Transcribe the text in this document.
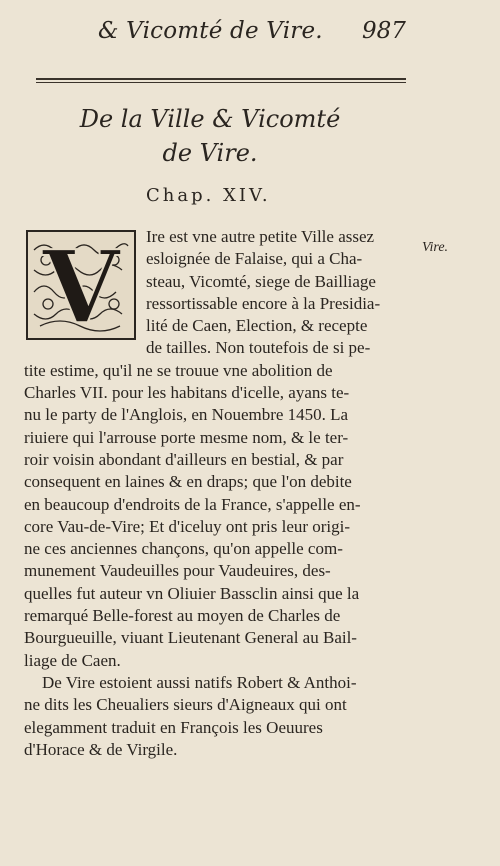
& Vicomté de Vire.	987
De la Ville & Vicomté
de Vire.
Chap. XIV.
V	Vire.
Ire est vne autre petite Ville assez
esloignée de Falaise, qui a Cha-
steau, Vicomté, siege de Bailliage
ressortissable encore à la Presidia-
lité de Caen, Election, & recepte
de tailles. Non toutefois de si pe-
tite estime, qu'il ne se trouue vne abolition de
Charles VII. pour les habitans d'icelle, ayans te-
nu le party de l'Anglois, en Nouembre 1450. La
riuiere qui l'arrouse porte mesme nom, & le ter-
roir voisin abondant d'ailleurs en bestial, & par
consequent en laines & en draps; que l'on debite
en beaucoup d'endroits de la France, s'appelle en-
core Vau-de-Vire; Et d'iceluy ont pris leur origi-
ne ces anciennes chançons, qu'on appelle com-
munement Vaudeuilles pour Vaudeuires, des-
quelles fut auteur vn Oliuier Bassclin ainsi que la
remarqué Belle-forest au moyen de Charles de
Bourgueuille, viuant Lieutenant General au Bail-
liage de Caen.
De Vire estoient aussi natifs Robert & Anthoi-
ne dits les Cheualiers sieurs d'Aigneaux qui ont
elegamment traduit en François les Oeuures
d'Horace & de Virgile.
